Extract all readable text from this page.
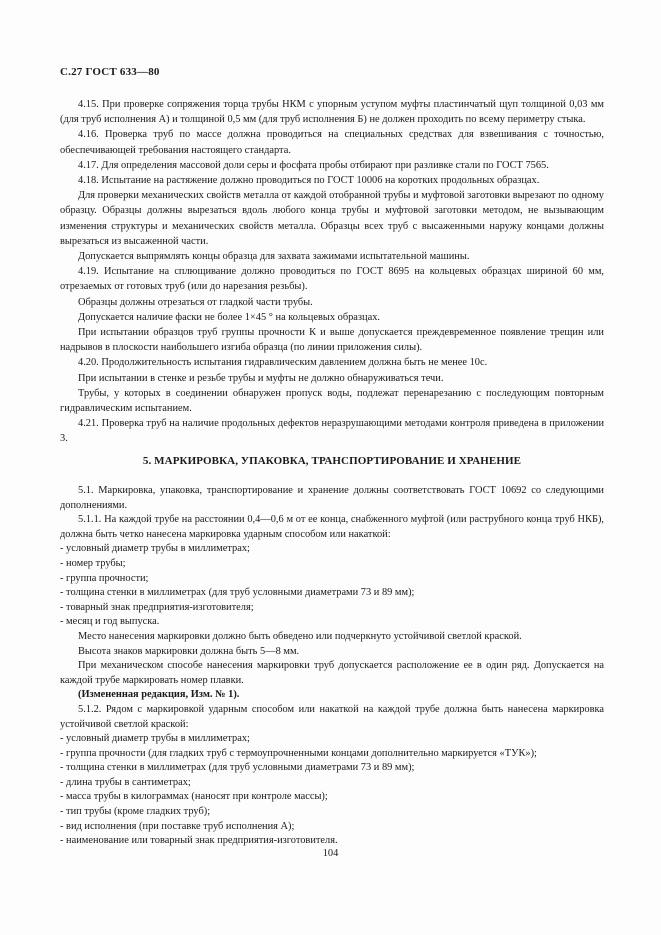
С.27 ГОСТ 633—80

4.15. При проверке сопряжения торца трубы НКМ с упорным уступом муфты пластинчатый щуп толщиной 0,03 мм (для труб исполнения А) и толщиной 0,5 мм (для труб исполнения Б) не должен проходить по всему периметру стыка.

4.16. Проверка труб по массе должна проводиться на специальных средствах для взвешивания с точностью, обеспечивающей требования настоящего стандарта.

4.17. Для определения массовой доли серы и фосфата пробы отбирают при разливке стали по ГОСТ 7565.

4.18. Испытание на растяжение должно проводиться по ГОСТ 10006 на коротких продольных образцах.

Для проверки механических свойств металла от каждой отобранной трубы и муфтовой заготовки вырезают по одному образцу. Образцы должны вырезаться вдоль любого конца трубы и муфтовой заготовки методом, не вызывающим изменения структуры и механических свойств металла. Образцы всех труб с высаженными наружу концами должны вырезаться из высаженной части.

Допускается выпрямлять концы образца для захвата зажимами испытательной машины.

4.19. Испытание на сплющивание должно проводиться по ГОСТ 8695 на кольцевых образцах шириной 60 мм, отрезаемых от готовых труб (или до нарезания резьбы).

Образцы должны отрезаться от гладкой части трубы.

Допускается наличие фаски не более 1×45 ° на кольцевых образцах.

При испытании образцов труб группы прочности К и выше допускается преждевременное появление трещин или надрывов в плоскости наибольшего изгиба образца (по линии приложения силы).

4.20. Продолжительность испытания гидравлическим давлением должна быть не менее 10с.

При испытании в стенке и резьбе трубы и муфты не должно обнаруживаться течи.

Трубы, у которых в соединении обнаружен пропуск воды, подлежат перенарезанию с последующим повторным гидравлическим испытанием.

4.21. Проверка труб на наличие продольных дефектов неразрушающими методами контроля приведена в приложении 3.

5. МАРКИРОВКА, УПАКОВКА, ТРАНСПОРТИРОВАНИЕ И ХРАНЕНИЕ

5.1. Маркировка, упаковка, транспортирование и хранение должны соответствовать ГОСТ 10692 со следующими дополнениями.

5.1.1. На каждой трубе на расстоянии 0,4—0,6 м от ее конца, снабженного муфтой (или раструбного конца труб НКБ), должна быть четко нанесена маркировка ударным способом или накаткой:

- условный диаметр трубы в миллиметрах;

- номер трубы;

- группа прочности;

- толщина стенки в миллиметрах (для труб условными диаметрами 73 и 89 мм);

- товарный знак предприятия-изготовителя;

- месяц и год выпуска.

Место нанесения маркировки должно быть обведено или подчеркнуто устойчивой светлой краской.

Высота знаков маркировки должна быть 5—8 мм.

При механическом способе нанесения маркировки труб допускается расположение ее в один ряд. Допускается на каждой трубе маркировать номер плавки.

(Измененная редакция, Изм. № 1).

5.1.2. Рядом с маркировкой ударным способом или накаткой на каждой трубе должна быть нанесена маркировка устойчивой светлой краской:

- условный диаметр трубы в миллиметрах;

- группа прочности (для гладких труб с термоупрочненными концами дополнительно маркируется «ТУК»);

- толщина стенки в миллиметрах (для труб условными диаметрами 73 и 89 мм);

- длина трубы в сантиметрах;

- масса трубы в килограммах (наносят при контроле массы);

- тип трубы (кроме гладких труб);

- вид исполнения (при поставке труб исполнения А);

- наименование или товарный знак предприятия-изготовителя.

104
